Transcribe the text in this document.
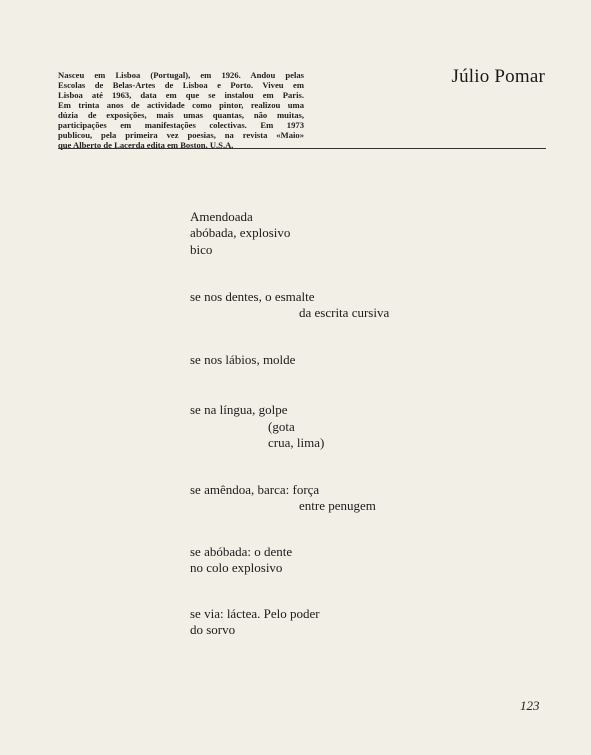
Nasceu em Lisboa (Portugal), em 1926. Andou pelas
Escolas de Belas-Artes de Lisboa e Porto. Viveu em
Lisboa até 1963, data em que se instalou em Paris.
Em trinta anos de actividade como pintor, realizou uma
dúzia de exposições, mais umas quantas, não muitas,
participações em manifestações colectivas. Em 1973
publicou, pela primeira vez poesias, na revista «Maio»
que Alberto de Lacerda edita em Boston, U.S.A.
Júlio Pomar
Amendoada
abóbada, explosivo
bico
se nos dentes, o esmalte
da escrita cursiva
se nos lábios, molde
se na língua, golpe
(gota
crua, lima)
se amêndoa, barca: força
entre penugem
se abóbada: o dente
no colo explosivo
se via: láctea. Pelo poder
do sorvo
123
